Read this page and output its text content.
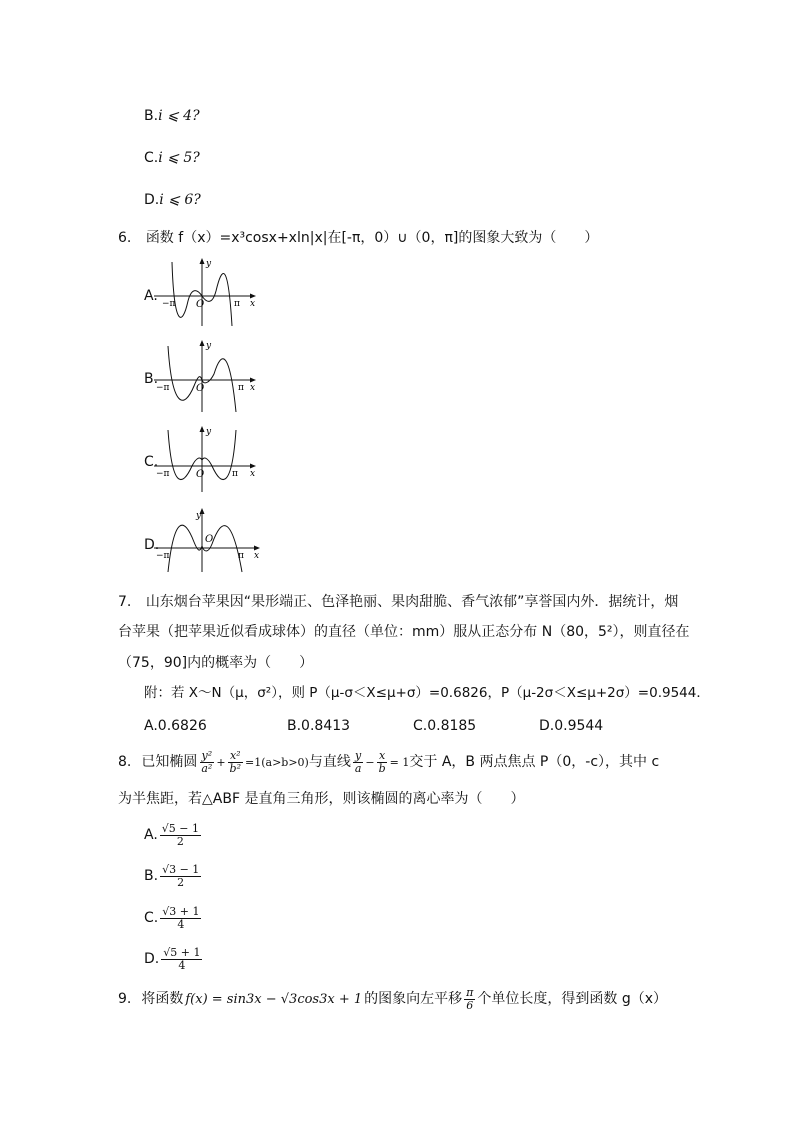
B.i ⩽ 4?
C.i ⩽ 5?
D.i ⩽ 6?
6. 函数 f（x）=x³cosx+xln|x|在[-π，0）∪（0，π]的图象大致为（　　）
A.
y
x
O
−π	π
B.
y
x
O
−π	π
C.
y
x
O
−π	π
D.
y
x
O
−π	π
7. 山东烟台苹果因“果形端正、色泽艳丽、果肉甜脆、香气浓郁”享誉国内外．据统计，烟
台苹果（把苹果近似看成球体）的直径（单位：mm）服从正态分布 N（80，5²），则直径在
（75，90]内的概率为（　　）
附：若 X～N（μ，σ²），则 P（μ-σ＜X≤μ+σ）=0.6826，P（μ-2σ＜X≤μ+2σ）=0.9544．
A.0.6826	B.0.8413	C.0.8185	D.0.9544
8. 已知椭圆 $\frac{\text{y²}}{\text{a²}} + \frac{\text{x²}}{\text{b²}} =1(a>b>0)$ 与直线 $\frac{y}{a} - \frac{x}{b} = 1$ 交于 A，B 两点焦点 P（0，-c），其中 c
为半焦距，若△ABF 是直角三角形，则该椭圆的离心率为（　　）
A. $\frac{√5 - 1}{2}$
B. $\frac{√3 - 1}{2}$
C. $\frac{√3 + 1}{4}$
D. $\frac{√5 + 1}{4}$
9. 将函数 f(x) = sin3x − √3cos3x + 1 的图象向左平移 $\frac{\pi}{6}$ 个单位长度，得到函数 g（x）
